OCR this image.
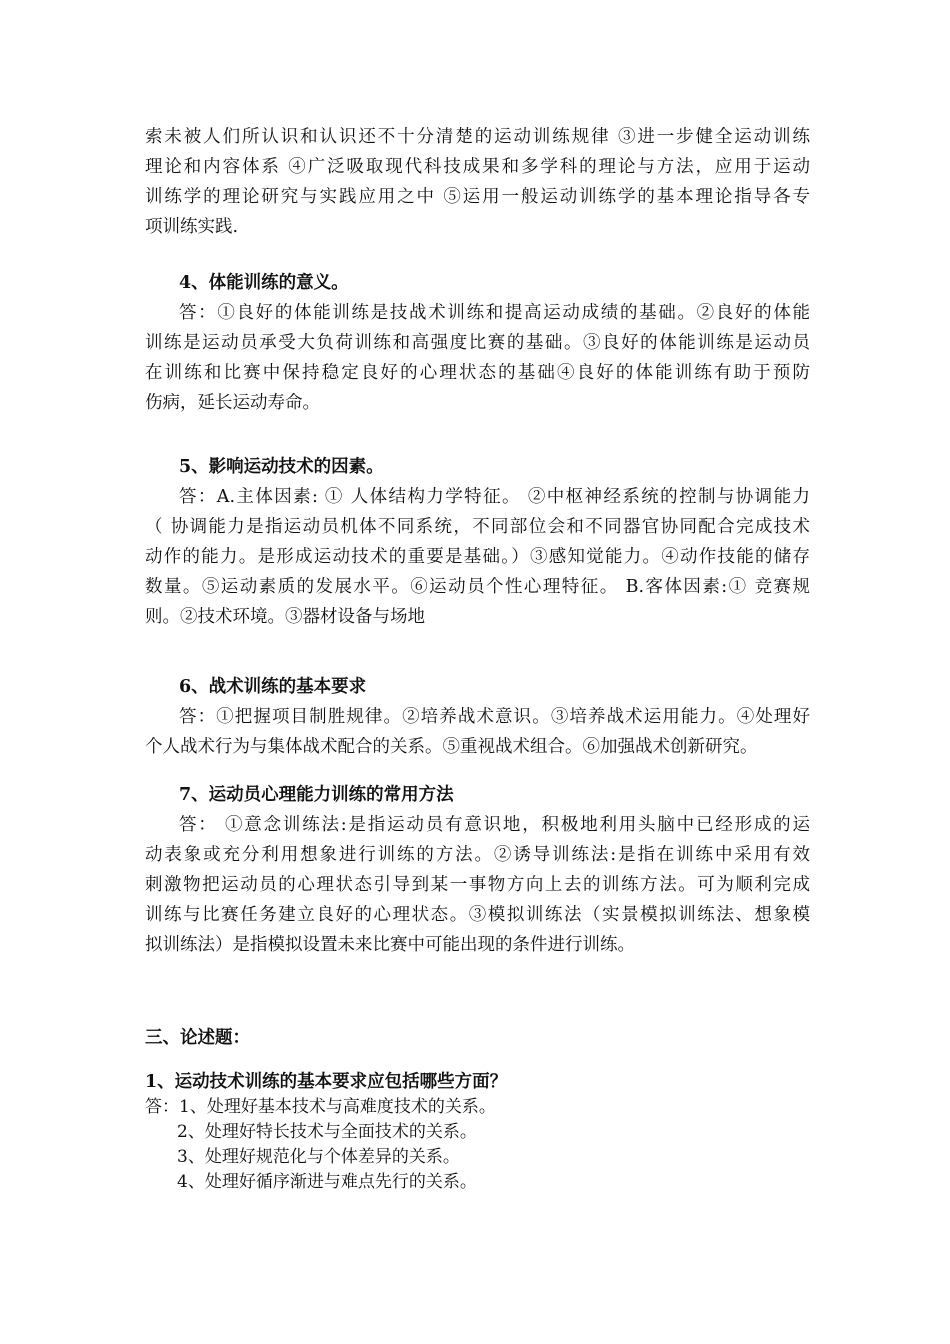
索未被人们所认识和认识还不十分清楚的运动训练规律 ③进一步健全运动训练
理论和内容体系 ④广泛吸取现代科技成果和多学科的理论与方法，应用于运动
训练学的理论研究与实践应用之中 ⑤运用一般运动训练学的基本理论指导各专
项训练实践.
4、体能训练的意义。
答：①良好的体能训练是技战术训练和提高运动成绩的基础。②良好的体能
训练是运动员承受大负荷训练和高强度比赛的基础。③良好的体能训练是运动员
在训练和比赛中保持稳定良好的心理状态的基础④良好的体能训练有助于预防
伤病，延长运动寿命。
5、影响运动技术的因素。
答：A.主体因素: ① 人体结构力学特征。 ②中枢神经系统的控制与协调能力
（ 协调能力是指运动员机体不同系统，不同部位会和不同器官协同配合完成技术
动作的能力。是形成运动技术的重要是基础。）③感知觉能力。④动作技能的储存
数量。⑤运动素质的发展水平。⑥运动员个性心理特征。 B.客体因素:① 竞赛规
则。②技术环境。③器材设备与场地
6、战术训练的基本要求
答：①把握项目制胜规律。②培养战术意识。③培养战术运用能力。④处理好
个人战术行为与集体战术配合的关系。⑤重视战术组合。⑥加强战术创新研究。
7、运动员心理能力训练的常用方法
答： ①意念训练法:是指运动员有意识地，积极地利用头脑中已经形成的运
动表象或充分利用想象进行训练的方法。②诱导训练法:是指在训练中采用有效
刺激物把运动员的心理状态引导到某一事物方向上去的训练方法。可为顺利完成
训练与比赛任务建立良好的心理状态。③模拟训练法（实景模拟训练法、想象模
拟训练法）是指模拟设置未来比赛中可能出现的条件进行训练。
三、论述题：
1、运动技术训练的基本要求应包括哪些方面？
答：1、处理好基本技术与高难度技术的关系。
2、处理好特长技术与全面技术的关系。
3、处理好规范化与个体差异的关系。
4、处理好循序渐进与难点先行的关系。
